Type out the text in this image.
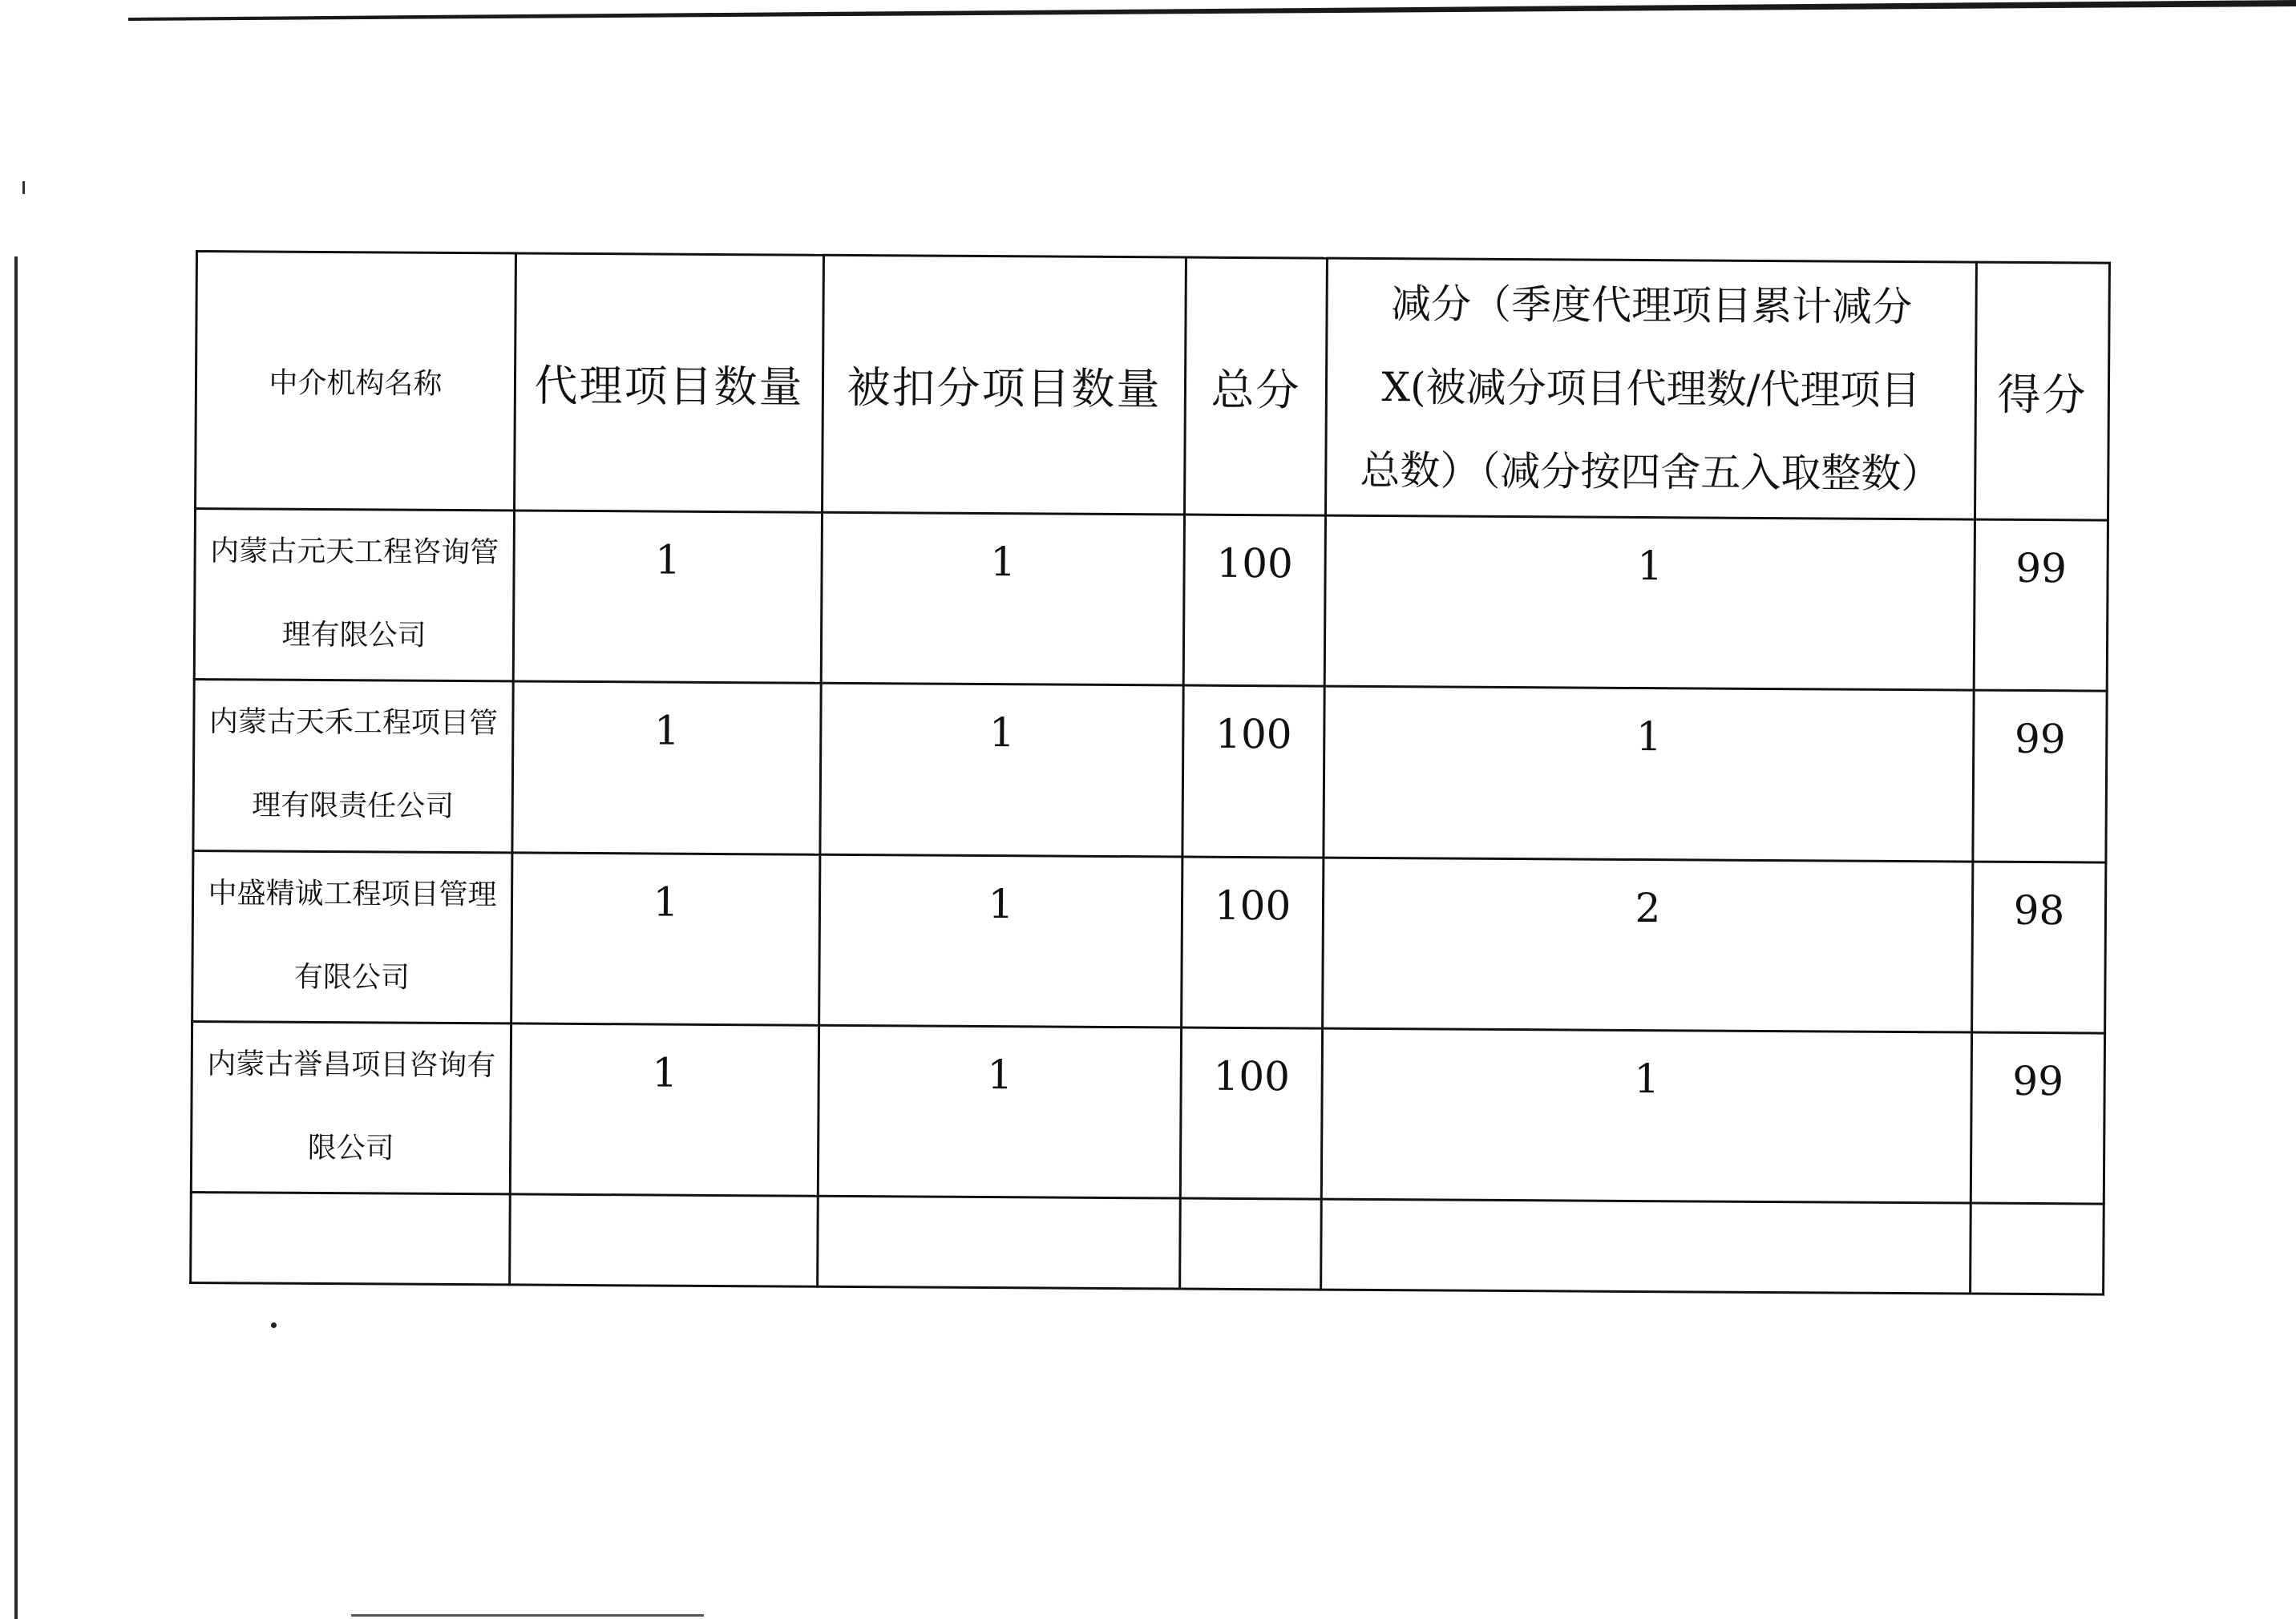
中介机构名称	代理项目数量	被扣分项目数量	总分	减分（季度代理项目累计减分
X(被减分项目代理数/代理项目
总数）（减分按四舍五入取整数）	得分

内蒙古元天工程咨询管
理有限公司	1	1	100	1	99

内蒙古天禾工程项目管
理有限责任公司	1	1	100	1	99

中盛精诚工程项目管理
有限公司	1	1	100	2	98

内蒙古誉昌项目咨询有
限公司	1	1	100	1	99
